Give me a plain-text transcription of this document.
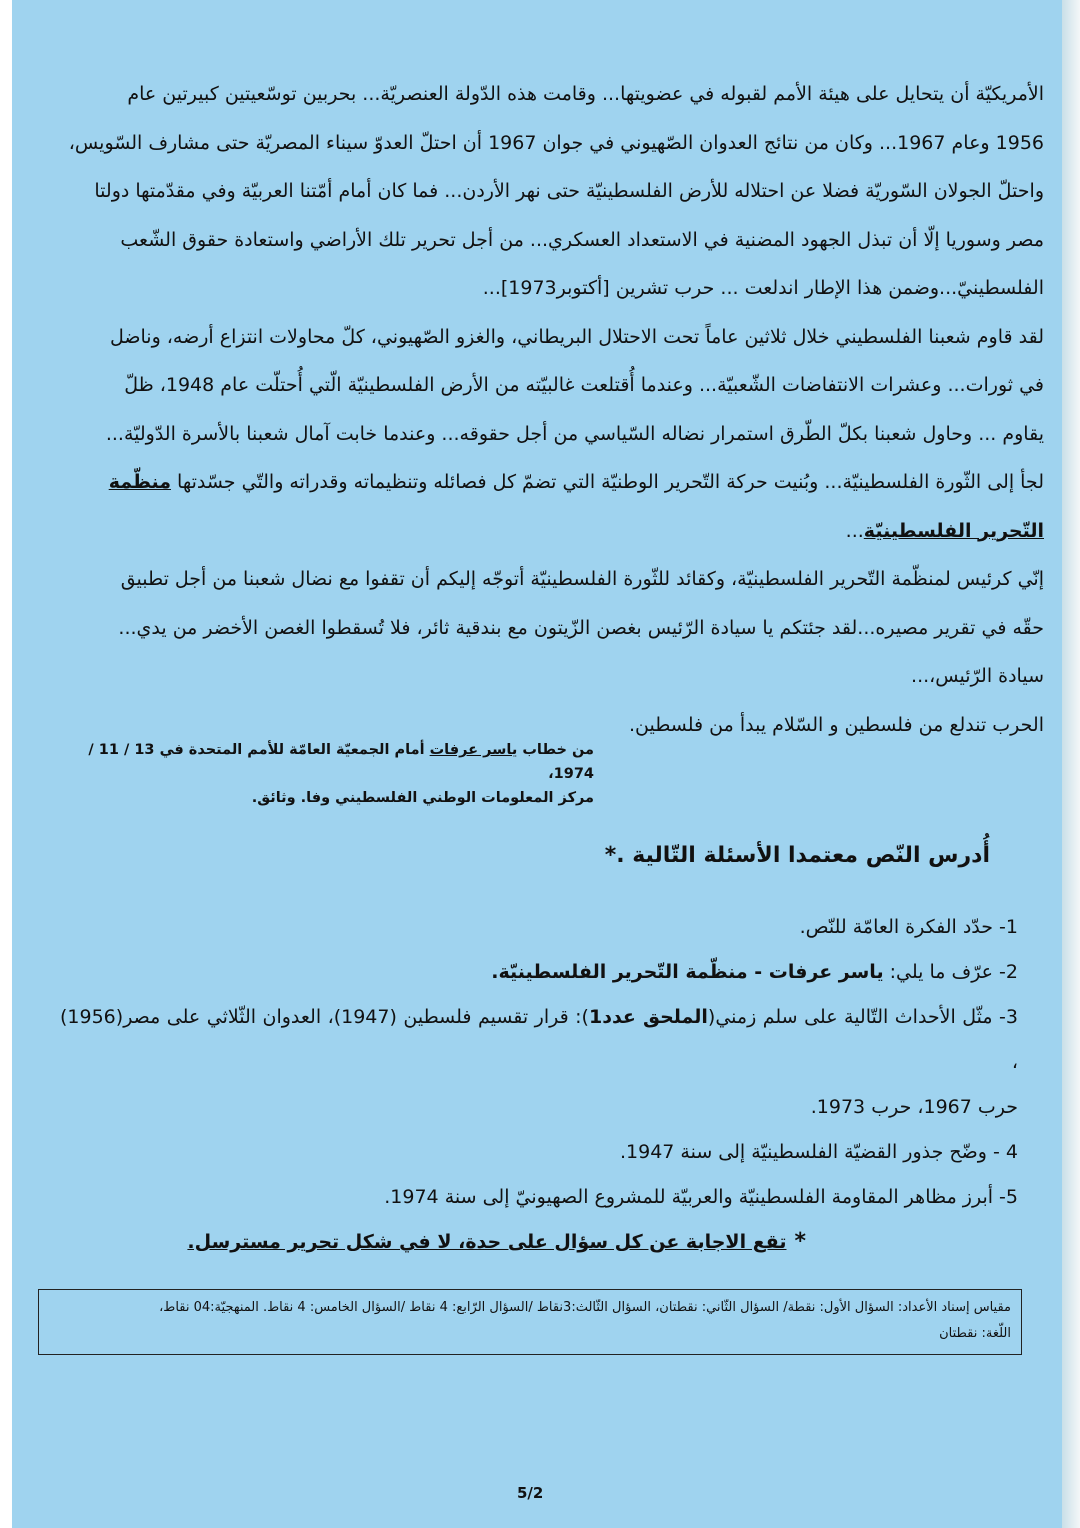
الأمريكيّة أن يتحايل على هيئة الأمم لقبوله في عضويتها... وقامت هذه الدّولة العنصريّة... بحربين توسّعيتين كبيرتين عام

1956 وعام 1967... وكان من نتائج العدوان الصّهيوني في جوان 1967 أن احتلّ العدوّ سيناء المصريّة حتى مشارف السّويس،

واحتلّ الجولان السّوريّة فضلا عن احتلاله للأرض الفلسطينيّة حتى نهر الأردن... فما كان أمام أمّتنا العربيّة وفي مقدّمتها دولتا

مصر وسوريا إلّا أن تبذل الجهود المضنية في الاستعداد العسكري... من أجل تحرير تلك الأراضي واستعادة حقوق الشّعب

الفلسطينيّ...وضمن هذا الإطار اندلعت ... حرب تشرين [أكتوبر1973]...

لقد قاوم شعبنا الفلسطيني خلال ثلاثين عاماً تحت الاحتلال البريطاني، والغزو الصّهيوني، كلّ محاولات انتزاع أرضه، وناضل

في ثورات... وعشرات الانتفاضات الشّعبيّة... وعندما أُقتلعت غالبيّته من الأرض الفلسطينيّة الّتي أُحتلّت عام 1948، ظلّ

يقاوم ... وحاول شعبنا بكلّ الطّرق استمرار نضاله السّياسي من أجل حقوقه... وعندما خابت آمال شعبنا بالأسرة الدّوليّة...

لجأ إلى الثّورة الفلسطينيّة... وبُنيت حركة التّحرير الوطنيّة التي تضمّ كل فصائله وتنظيماته وقدراته والتّي جسّدتها منظّمة

التّحرير الفلسطينيّة...

إنّي كرئيس لمنظّمة التّحرير الفلسطينيّة، وكقائد للثّورة الفلسطينيّة أتوجّه إليكم أن تقفوا مع نضال شعبنا من أجل تطبيق

حقّه في تقرير مصيره...لقد جئتكم يا سيادة الرّئيس بغصن الزّيتون مع بندقية ثائر، فلا تُسقطوا الغصن الأخضر من يدي...

سيادة الرّئيس،...

الحرب تندلع من فلسطين و السّلام يبدأ من فلسطين.

من خطاب ياسر عرفات أمام الجمعيّة العامّة للأمم المتحدة في 13 / 11 / 1974،
مركز المعلومات الوطني الفلسطيني وفا. وثائق.
أُدرس النّص معتمدا الأسئلة التّالية .*

1- حدّد الفكرة العامّة للنّص.

2- عرّف ما يلي: ياسر عرفات - منظّمة التّحرير الفلسطينيّة.

3- مثّل الأحداث التّالية على سلم زمني(الملحق عدد1): قرار تقسيم فلسطين (1947)، العدوان الثّلاثي على مصر(1956) ،

حرب 1967، حرب 1973.

4 - وضّح جذور القضيّة الفلسطينيّة إلى سنة 1947.

5- أبرز مظاهر المقاومة الفلسطينيّة والعربيّة للمشروع الصهيونيّ إلى سنة 1974.

*تقع الاجابة عن كل سؤال على حدة، لا في شكل تحرير مسترسل.
مقياس إسناد الأعداد: السؤال الأول: نقطة/ السؤال الثّاني: نقطتان، السؤال الثّالث:3نقاط /السؤال الرّابع: 4 نقاط /السؤال الخامس: 4 نقاط. المنهجيّة:04 نقاط،
اللّغة: نقطتان
5/2
